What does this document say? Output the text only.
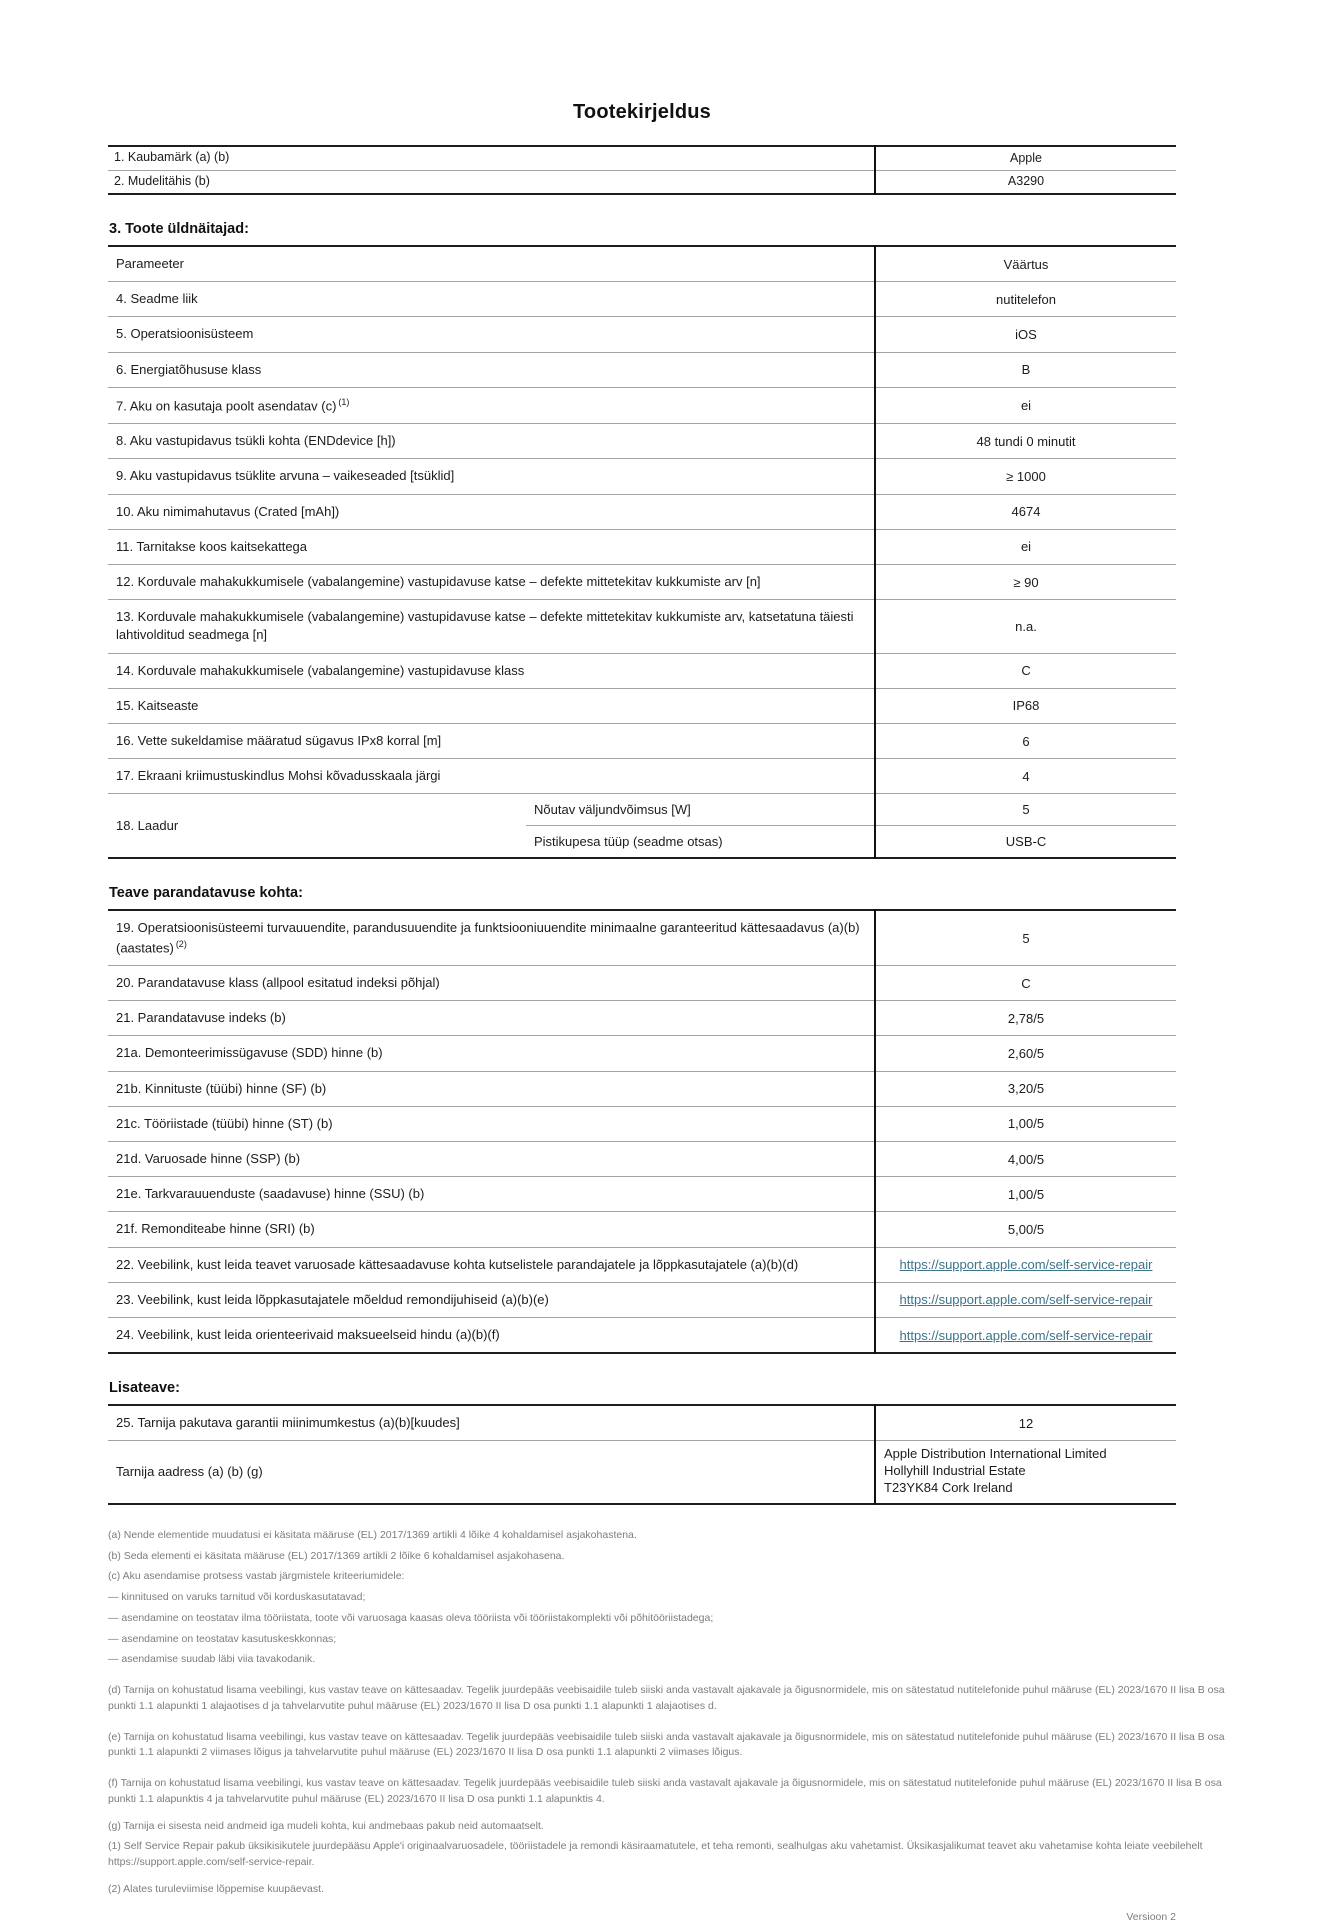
Tootekirjeldus
1. Kaubamärk (a) (b)	Apple
2. Mudelitähis (b)	A3290
3. Toote üldnäitajad:
Parameeter		Väärtus
4. Seadme liik		nutitelefon
5. Operatsioonisüsteem		iOS
6. Energiatõhususe klass		B
7. Aku on kasutaja poolt asendatav (c) $^{(1)}$		ei
8. Aku vastupidavus tsükli kohta (ENDdevice [h])		48 tundi 0 minutit
9. Aku vastupidavus tsüklite arvuna – vaikeseaded [tsüklid]		≥ 1000
10. Aku nimimahutavus (Crated [mAh])		4674
11. Tarnitakse koos kaitsekattega		ei
12. Korduvale mahakukkumisele (vabalangemine) vastupidavuse katse – defekte mittetekitav kukkumiste arv [n]		≥ 90
13. Korduvale mahakukkumisele (vabalangemine) vastupidavuse katse – defekte mittetekitav kukkumiste arv, katsetatuna täiesti lahtivolditud seadmega [n]		n.a.
14. Korduvale mahakukkumisele (vabalangemine) vastupidavuse klass		C
15. Kaitseaste		IP68
16. Vette sukeldamise määratud sügavus IPx8 korral [m]		6
17. Ekraani kriimustuskindlus Mohsi kõvadusskaala järgi		4
18. Laadur	Nõutav väljundvõimsus [W]	5
	Pistikupesa tüüp (seadme otsas)	USB-C
Teave parandatavuse kohta:
19. Operatsioonisüsteemi turvauuendite, parandusuuendite ja funktsiooniuuendite minimaalne garanteeritud kättesaadavus (a)(b)(aastates) $^{(2)}$	5
20. Parandatavuse klass (allpool esitatud indeksi põhjal)	C
21. Parandatavuse indeks (b)	2,78/5
21a. Demonteerimissügavuse (SDD) hinne (b)	2,60/5
21b. Kinnituste (tüübi) hinne (SF) (b)	3,20/5
21c. Tööriistade (tüübi) hinne (ST) (b)	1,00/5
21d. Varuosade hinne (SSP) (b)	4,00/5
21e. Tarkvarauuenduste (saadavuse) hinne (SSU) (b)	1,00/5
21f. Remonditeabe hinne (SRI) (b)	5,00/5
22. Veebilink, kust leida teavet varuosade kättesaadavuse kohta kutselistele parandajatele ja lõppkasutajatele (a)(b)(d)	https://support.apple.com/self-service-repair
23. Veebilink, kust leida lõppkasutajatele mõeldud remondijuhiseid (a)(b)(e)	https://support.apple.com/self-service-repair
24. Veebilink, kust leida orienteerivaid maksueelseid hindu (a)(b)(f)	https://support.apple.com/self-service-repair
Lisateave:
25. Tarnija pakutava garantii miinimumkestus (a)(b)[kuudes]	12
Tarnija aadress (a) (b) (g)	Apple Distribution International Limited
Hollyhill Industrial Estate
T23YK84 Cork Ireland

(a) Nende elementide muudatusi ei käsitata määruse (EL) 2017/1369 artikli 4 lõike 4 kohaldamisel asjakohastena.

(b) Seda elementi ei käsitata määruse (EL) 2017/1369 artikli 2 lõike 6 kohaldamisel asjakohasena.

(c) Aku asendamise protsess vastab järgmistele kriteeriumidele:

— kinnitused on varuks tarnitud või korduskasutatavad;

— asendamine on teostatav ilma tööriistata, toote või varuosaga kaasas oleva tööriista või tööriistakomplekti või põhitööriistadega;

— asendamine on teostatav kasutuskeskkonnas;

— asendamise suudab läbi viia tavakodanik.

(d) Tarnija on kohustatud lisama veebilingi, kus vastav teave on kättesaadav. Tegelik juurdepääs veebisaidile tuleb siiski anda vastavalt ajakavale ja õigusnormidele, mis on sätestatud nutitelefonide puhul määruse (EL) 2023/1670 II lisa B osa punkti 1.1 alapunkti 1 alajaotises d ja tahvelarvutite puhul määruse (EL) 2023/1670 II lisa D osa punkti 1.1 alapunkti 1 alajaotises d.

(e) Tarnija on kohustatud lisama veebilingi, kus vastav teave on kättesaadav. Tegelik juurdepääs veebisaidile tuleb siiski anda vastavalt ajakavale ja õigusnormidele, mis on sätestatud nutitelefonide puhul määruse (EL) 2023/1670 II lisa B osa punkti 1.1 alapunkti 2 viimases lõigus ja tahvelarvutite puhul määruse (EL) 2023/1670 II lisa D osa punkti 1.1 alapunkti 2 viimases lõigus.

(f) Tarnija on kohustatud lisama veebilingi, kus vastav teave on kättesaadav. Tegelik juurdepääs veebisaidile tuleb siiski anda vastavalt ajakavale ja õigusnormidele, mis on sätestatud nutitelefonide puhul määruse (EL) 2023/1670 II lisa B osa punkti 1.1 alapunktis 4 ja tahvelarvutite puhul määruse (EL) 2023/1670 II lisa D osa punkti 1.1 alapunktis 4.

(g) Tarnija ei sisesta neid andmeid iga mudeli kohta, kui andmebaas pakub neid automaatselt.

(1) Self Service Repair pakub üksikisikutele juurdepääsu Apple'i originaalvaruosadele, tööriistadele ja remondi käsiraamatutele, et teha remonti, sealhulgas aku vahetamist. Üksikasjalikumat teavet aku vahetamise kohta leiate veebilehelt https://support.apple.com/self-service-repair.

(2) Alates turuleviimise lõppemise kuupäevast.

Versioon 2
